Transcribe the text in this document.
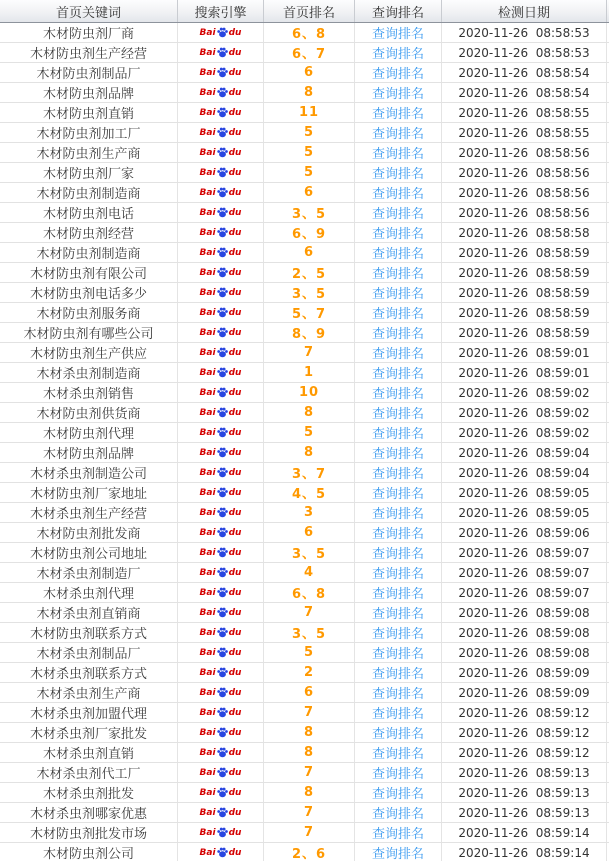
首页关键词	搜索引擎	首页排名	查询排名	检测日期
木材防虫剂厂商	Bai du	6、8	查询排名	2020-11-26  08:58:53
木材防虫剂生产经营	Bai du	6、7	查询排名	2020-11-26  08:58:53
木材防虫剂制品厂	Bai du	6	查询排名	2020-11-26  08:58:54
木材防虫剂品牌	Bai du	8	查询排名	2020-11-26  08:58:54
木材防虫剂直销	Bai du	11	查询排名	2020-11-26  08:58:55
木材防虫剂加工厂	Bai du	5	查询排名	2020-11-26  08:58:55
木材防虫剂生产商	Bai du	5	查询排名	2020-11-26  08:58:56
木材防虫剂厂家	Bai du	5	查询排名	2020-11-26  08:58:56
木材防虫剂制造商	Bai du	6	查询排名	2020-11-26  08:58:56
木材防虫剂电话	Bai du	3、5	查询排名	2020-11-26  08:58:56
木材防虫剂经营	Bai du	6、9	查询排名	2020-11-26  08:58:58
木材防虫剂制造商	Bai du	6	查询排名	2020-11-26  08:58:59
木材防虫剂有限公司	Bai du	2、5	查询排名	2020-11-26  08:58:59
木材防虫剂电话多少	Bai du	3、5	查询排名	2020-11-26  08:58:59
木材防虫剂服务商	Bai du	5、7	查询排名	2020-11-26  08:58:59
木材防虫剂有哪些公司	Bai du	8、9	查询排名	2020-11-26  08:58:59
木材防虫剂生产供应	Bai du	7	查询排名	2020-11-26  08:59:01
木材杀虫剂制造商	Bai du	1	查询排名	2020-11-26  08:59:01
木材杀虫剂销售	Bai du	10	查询排名	2020-11-26  08:59:02
木材防虫剂供货商	Bai du	8	查询排名	2020-11-26  08:59:02
木材防虫剂代理	Bai du	5	查询排名	2020-11-26  08:59:02
木材防虫剂品牌	Bai du	8	查询排名	2020-11-26  08:59:04
木材杀虫剂制造公司	Bai du	3、7	查询排名	2020-11-26  08:59:04
木材防虫剂厂家地址	Bai du	4、5	查询排名	2020-11-26  08:59:05
木材杀虫剂生产经营	Bai du	3	查询排名	2020-11-26  08:59:05
木材防虫剂批发商	Bai du	6	查询排名	2020-11-26  08:59:06
木材防虫剂公司地址	Bai du	3、5	查询排名	2020-11-26  08:59:07
木材杀虫剂制造厂	Bai du	4	查询排名	2020-11-26  08:59:07
木材杀虫剂代理	Bai du	6、8	查询排名	2020-11-26  08:59:07
木材杀虫剂直销商	Bai du	7	查询排名	2020-11-26  08:59:08
木材防虫剂联系方式	Bai du	3、5	查询排名	2020-11-26  08:59:08
木材杀虫剂制品厂	Bai du	5	查询排名	2020-11-26  08:59:08
木材杀虫剂联系方式	Bai du	2	查询排名	2020-11-26  08:59:09
木材杀虫剂生产商	Bai du	6	查询排名	2020-11-26  08:59:09
木材杀虫剂加盟代理	Bai du	7	查询排名	2020-11-26  08:59:12
木材杀虫剂厂家批发	Bai du	8	查询排名	2020-11-26  08:59:12
木材杀虫剂直销	Bai du	8	查询排名	2020-11-26  08:59:12
木材杀虫剂代工厂	Bai du	7	查询排名	2020-11-26  08:59:13
木材杀虫剂批发	Bai du	8	查询排名	2020-11-26  08:59:13
木材杀虫剂哪家优惠	Bai du	7	查询排名	2020-11-26  08:59:13
木材防虫剂批发市场	Bai du	7	查询排名	2020-11-26  08:59:14
木材防虫剂公司	Bai du	2、6	查询排名	2020-11-26  08:59:14
